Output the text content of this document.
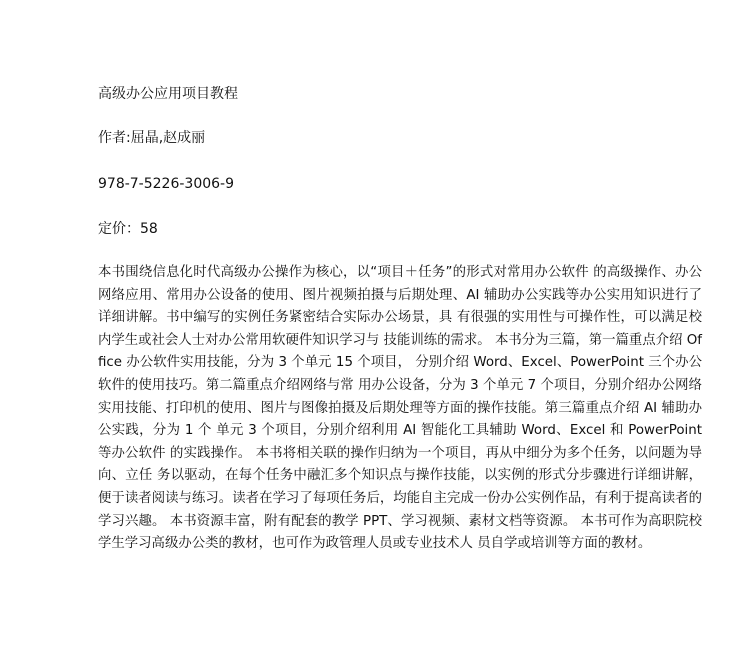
高级办公应用项目教程
作者:屈晶,赵成丽
978-7-5226-3006-9
定价：58

本书围绕信息化时代高级办公操作为核心，以“项目＋任务”的形式对常用办公软件 的高级操作、办公网络应用、常用办公设备的使用、图片视频拍摄与后期处理、AI 辅助办公实践等办公实用知识进行了详细讲解。书中编写的实例任务紧密结合实际办公场景，具 有很强的实用性与可操作性，可以满足校内学生或社会人士对办公常用软硬件知识学习与 技能训练的需求。 本书分为三篇，第一篇重点介绍 Office 办公软件实用技能，分为 3 个单元 15 个项目， 分别介绍 Word、Excel、PowerPoint 三个办公软件的使用技巧。第二篇重点介绍网络与常 用办公设备，分为 3 个单元 7 个项目，分别介绍办公网络实用技能、打印机的使用、图片与图像拍摄及后期处理等方面的操作技能。第三篇重点介绍 AI 辅助办公实践，分为 1 个 单元 3 个项目，分别介绍利用 AI 智能化工具辅助 Word、Excel 和 PowerPoint 等办公软件 的实践操作。 本书将相关联的操作归纳为一个项目，再从中细分为多个任务，以问题为导向、立任 务以驱动，在每个任务中融汇多个知识点与操作技能，以实例的形式分步骤进行详细讲解， 便于读者阅读与练习。读者在学习了每项任务后，均能自主完成一份办公实例作品，有利于提高读者的学习兴趣。 本书资源丰富，附有配套的教学 PPT、学习视频、素材文档等资源。 本书可作为高职院校学生学习高级办公类的教材，也可作为政管理人员或专业技术人 员自学或培训等方面的教材。
